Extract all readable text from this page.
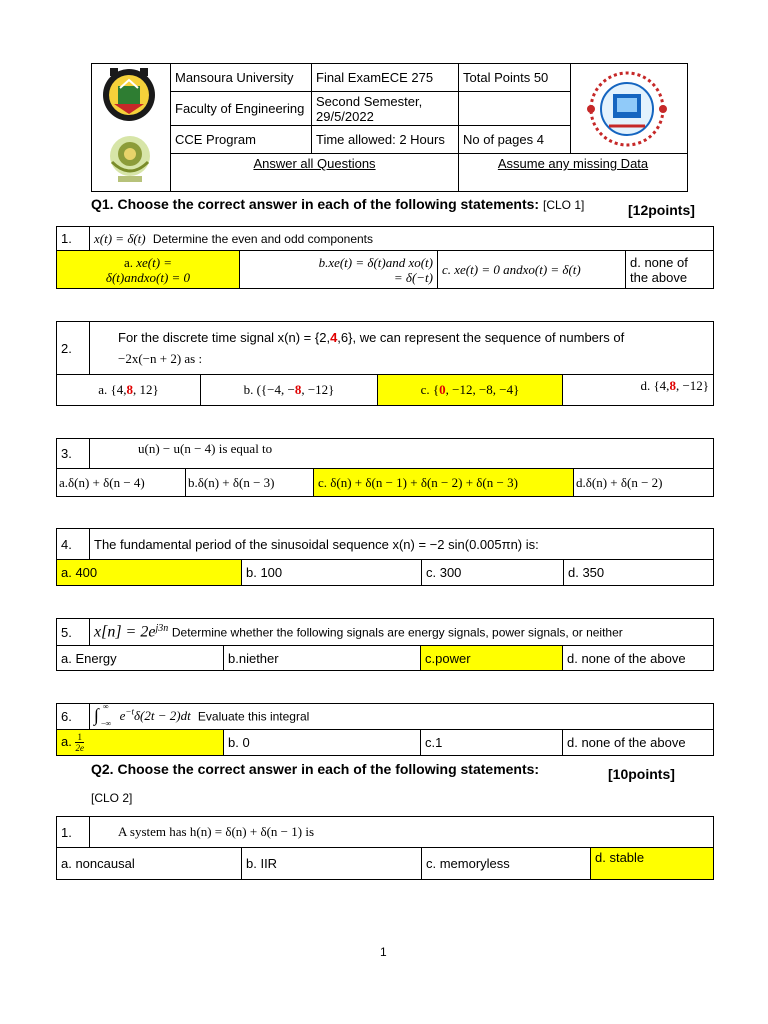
	Mansoura University	Final ExamECE 275	Total Points 50	

	Faculty of Engineering	Second Semester, 29/5/2022		
	CCE Program	Time allowed: 2 Hours	No of pages 4	
	Answer all Questions		Assume any missing Data	
Q1. Choose the correct answer in each of the following statements: [CLO 1]	[12points]
1.	x(t) = δ(t) Determine the even and odd components			
a. xe(t) =
δ(t)andxo(t) = 0		b.xe(t) = δ(t)and xo(t)
= δ(−t)	c. xe(t) = 0 andxo(t) = δ(t)	d. none of the above
2.	For the discrete time signal x(n) = {2,4,6}, we can represent the sequence of numbers of
−2x(−n + 2) as :			
a. {4,8, 12}		b. ({−4, −8, −12}	c. {0, −12, −8, −4}	d. {4,8, −12}
3.	u(n) − u(n − 4) is equal to			
a.δ(n) + δ(n − 4)		b.δ(n) + δ(n − 3)	c. δ(n) + δ(n − 1) + δ(n − 2) + δ(n − 3)	d.δ(n) + δ(n − 2)
4.	The fundamental period of the sinusoidal sequence x(n) = −2 sin(0.005πn) is:			
a. 400		b. 100	c. 300	d. 350
5.	$x[n] = 2e^{j3n}$ Determine whether the following signals are energy signals, power signals, or neither			
a. Energy		b.niether	c.power	d. none of the above
6.	∫ ∞
−∞
$e^{-t}\delta(2t - 2)dt$ Evaluate this integral			
a. $\frac{1}{2e}$		b. 0	c.1	d. none of the above
Q2. Choose the correct answer in each of the following statements:	[10points]
[CLO 2]
1.	A system has h(n) = δ(n) + δ(n − 1) is			
a. noncausal		b. IIR	c. memoryless	d. stable
1
